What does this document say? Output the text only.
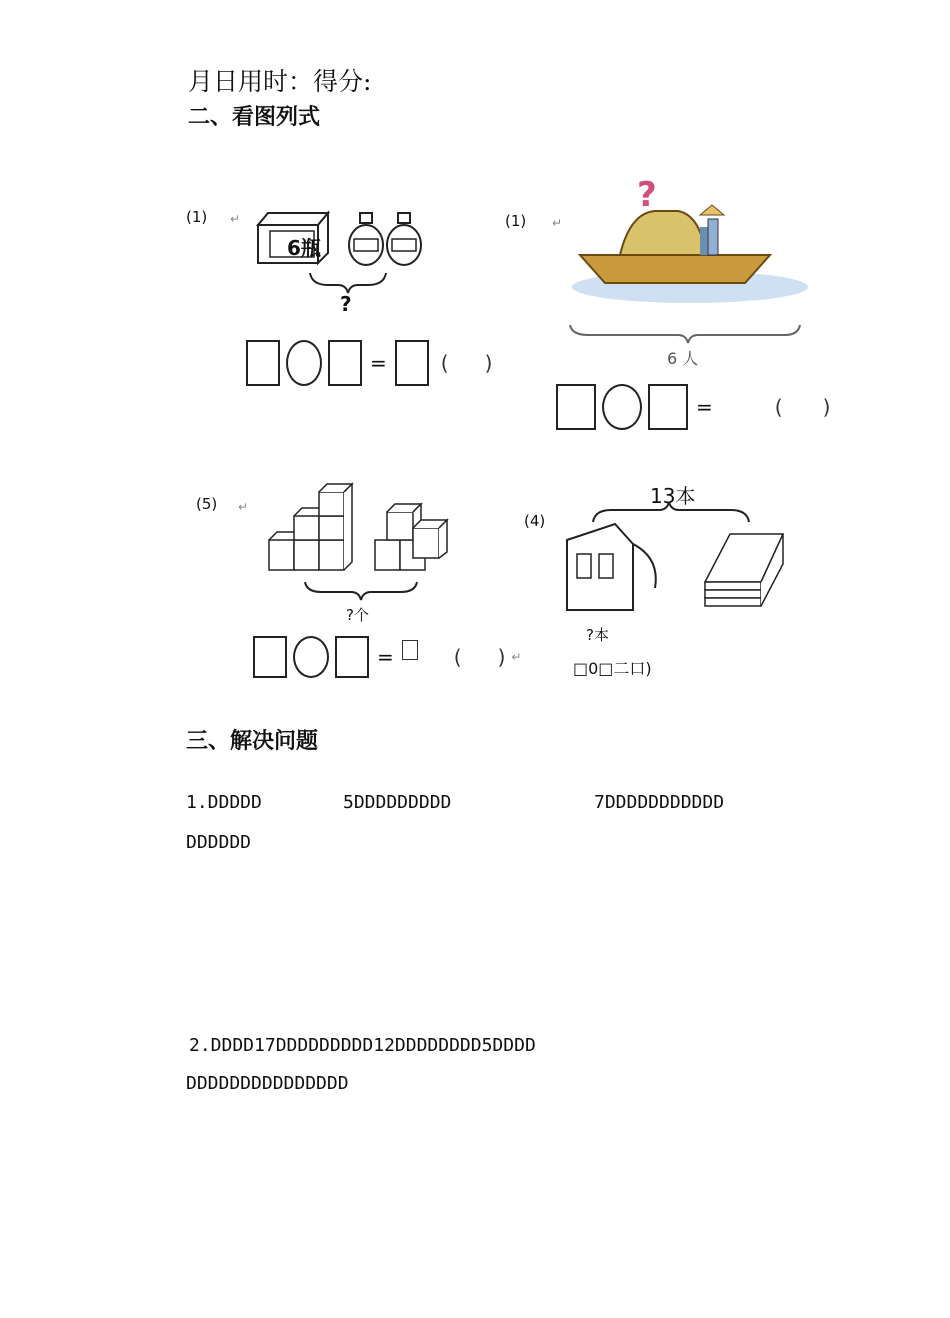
月日用时：得分:
二、看图列式
(1) ↵
6瓶
?
=	( )
(1) ↵
?
6 人
=	( )
(5) ↵
?个
=	( ) ↵
(4)
13本
?本
□0□二口)
三、解决问题
1.DDDDD	5DDDDDDDDD	7DDDDDDDDDDD
DDDDDD
2.DDDD17DDDDDDDDD12DDDDDDDD5DDDD
DDDDDDDDDDDDDDD
